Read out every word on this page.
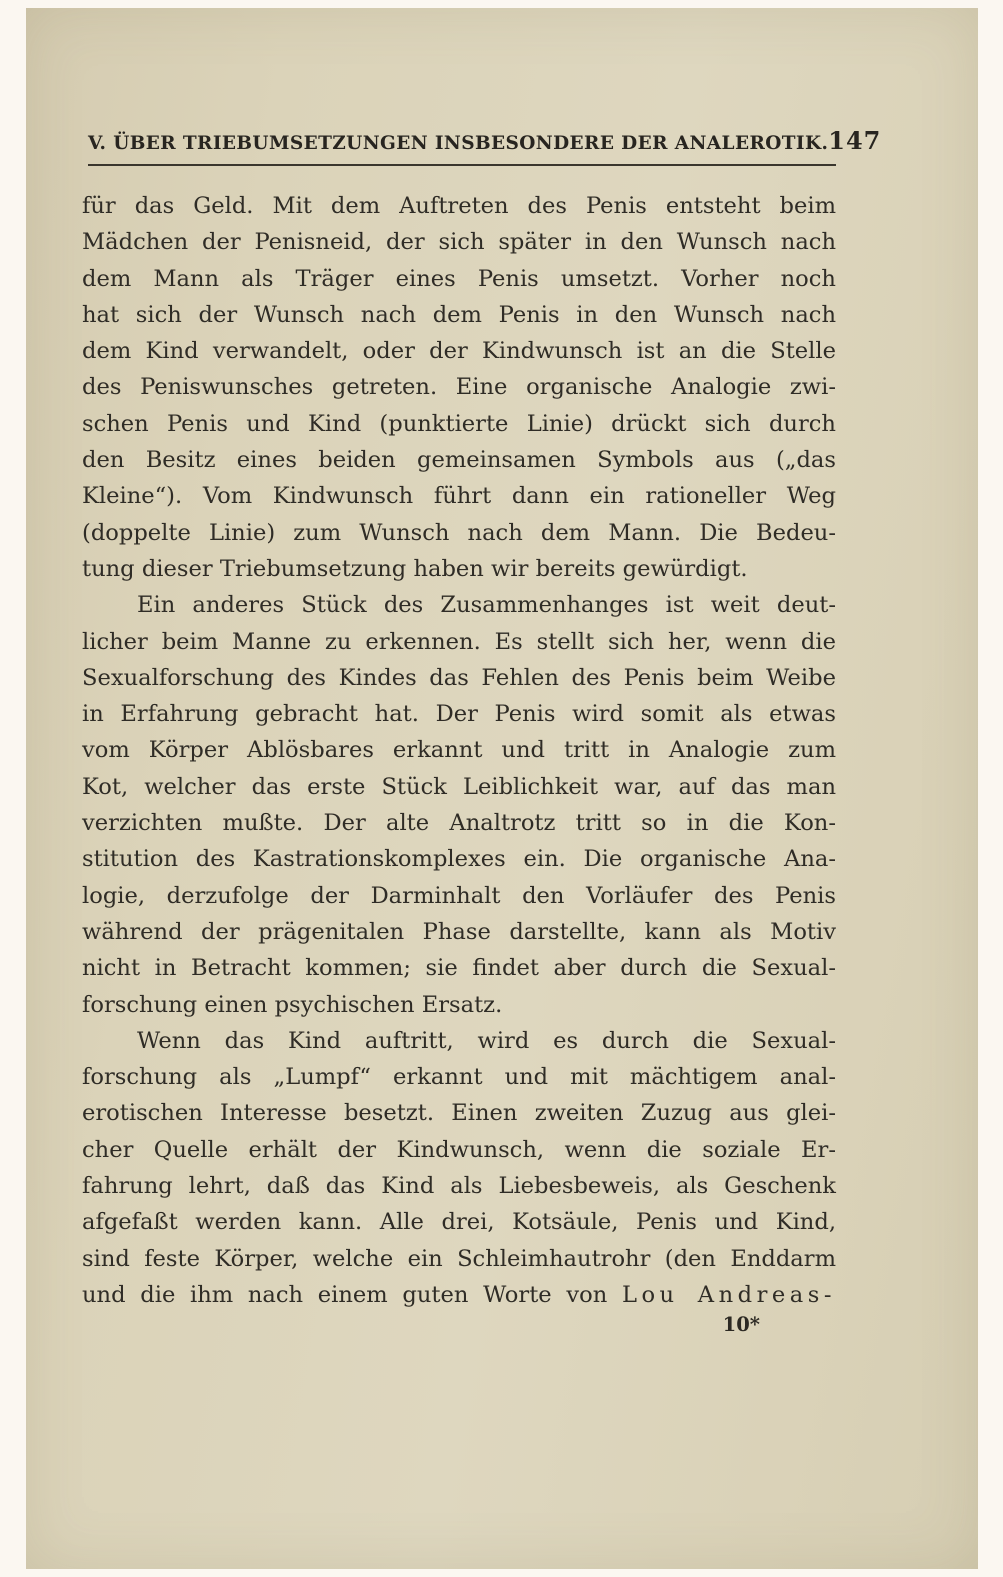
V. ÜBER TRIEBUMSETZUNGEN INSBESONDERE DER ANALEROTIK. 147
für das Geld. Mit dem Auftreten des Penis entsteht beim
Mädchen der Penisneid, der sich später in den Wunsch nach
dem Mann als Träger eines Penis umsetzt. Vorher noch
hat sich der Wunsch nach dem Penis in den Wunsch nach
dem Kind verwandelt, oder der Kindwunsch ist an die Stelle
des Peniswunsches getreten. Eine organische Analogie zwi-
schen Penis und Kind (punktierte Linie) drückt sich durch
den Besitz eines beiden gemeinsamen Symbols aus („das
Kleine“). Vom Kindwunsch führt dann ein rationeller Weg
(doppelte Linie) zum Wunsch nach dem Mann. Die Bedeu-
tung dieser Triebumsetzung haben wir bereits gewürdigt.
Ein anderes Stück des Zusammenhanges ist weit deut-
licher beim Manne zu erkennen. Es stellt sich her, wenn die
Sexualforschung des Kindes das Fehlen des Penis beim Weibe
in Erfahrung gebracht hat. Der Penis wird somit als etwas
vom Körper Ablösbares erkannt und tritt in Analogie zum
Kot, welcher das erste Stück Leiblichkeit war, auf das man
verzichten mußte. Der alte Analtrotz tritt so in die Kon-
stitution des Kastrationskomplexes ein. Die organische Ana-
logie, derzufolge der Darminhalt den Vorläufer des Penis
während der prägenitalen Phase darstellte, kann als Motiv
nicht in Betracht kommen; sie findet aber durch die Sexual-
forschung einen psychischen Ersatz.
Wenn das Kind auftritt, wird es durch die Sexual-
forschung als „Lumpf“ erkannt und mit mächtigem anal-
erotischen Interesse besetzt. Einen zweiten Zuzug aus glei-
cher Quelle erhält der Kindwunsch, wenn die soziale Er-
fahrung lehrt, daß das Kind als Liebesbeweis, als Geschenk
afgefaßt werden kann. Alle drei, Kotsäule, Penis und Kind,
sind feste Körper, welche ein Schleimhautrohr (den Enddarm
und die ihm nach einem guten Worte von Lou Andreas-
10*
